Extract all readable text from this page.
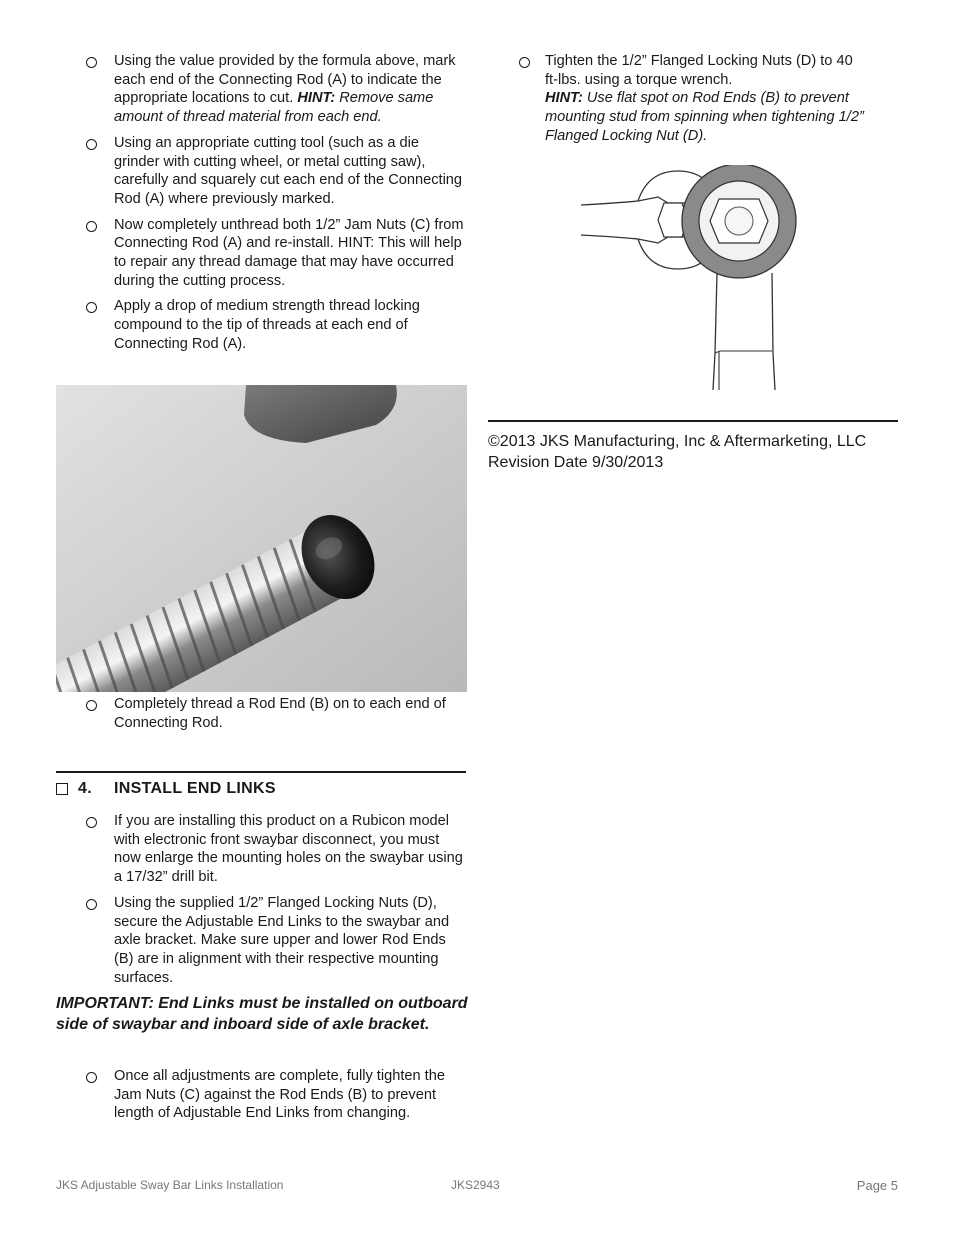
Using the value provided by the formula above, mark each end of the Connecting Rod (A) to indicate the appropriate locations to cut. HINT: Remove same amount of thread material from each end.
Using an appropriate cutting tool (such as a die grinder with cutting wheel, or metal cutting saw), carefully and squarely cut each end of the Connecting Rod (A) where previously marked.
Now completely unthread both 1/2” Jam Nuts (C) from Connecting Rod (A) and re-install. HINT: This will help to repair any thread damage that may have occurred during the cutting process.
Apply a drop of medium strength thread locking compound to the tip of threads at each end of Connecting Rod (A).
Completely thread a Rod End (B) on to each end of Connecting Rod.
4.	INSTALL END LINKS
If you are installing this product on a Rubicon model with electronic front swaybar disconnect, you must now enlarge the mounting holes on the swaybar using a 17/32” drill bit.
Using the supplied 1/2” Flanged Locking Nuts (D), secure the Adjustable End Links to the swaybar and axle bracket. Make sure upper and lower Rod Ends (B) are in alignment with their respective mounting surfaces.
IMPORTANT: End Links must be installed on outboard side of swaybar and inboard side of axle bracket.
Once all adjustments are complete, fully tighten the Jam Nuts (C) against the Rod Ends (B) to prevent length of Adjustable End Links from changing.
Tighten the 1/2” Flanged Locking Nuts (D) to 40
ft-lbs. using a torque wrench.
HINT: Use flat spot on Rod Ends (B) to prevent mounting stud from spinning when tightening 1/2” Flanged Locking Nut (D).
©2013 JKS Manufacturing, Inc & Aftermarketing, LLC
Revision Date 9/30/2013
JKS Adjustable Sway Bar Links Installation	JKS2943	Page 5
